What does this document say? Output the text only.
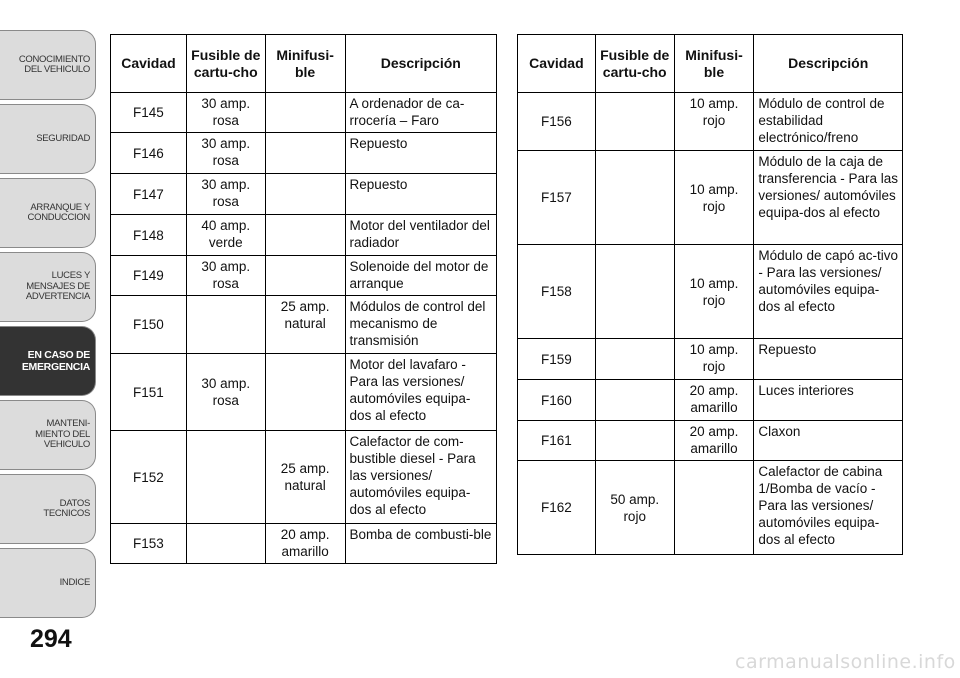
CONOCIMIENTO
DEL VEHICULO
SEGURIDAD
ARRANQUE Y
CONDUCCION
LUCES Y
MENSAJES DE
ADVERTENCIA
EN CASO DE
EMERGENCIA
MANTENI-
MIENTO DEL
VEHICULO
DATOS
TECNICOS
INDICE
294
Cavidad	Fusible de cartu-cho	Minifusi-ble	Descripción
F145	30 amp. rosa		A ordenador de ca-rrocería – Faro
F146	30 amp. rosa		Repuesto
F147	30 amp. rosa		Repuesto
F148	40 amp. verde		Motor del ventilador del radiador
F149	30 amp. rosa		Solenoide del motor de arranque
F150		25 amp. natural	Módulos de control del mecanismo de transmisión
F151	30 amp. rosa		Motor del lavafaro - Para las versiones/ automóviles equipa-dos al efecto
F152		25 amp. natural	Calefactor de com-bustible diesel - Para las versiones/ automóviles equipa-dos al efecto
F153		20 amp. amarillo	Bomba de combusti-ble
Cavidad	Fusible de cartu-cho	Minifusi-ble	Descripción
F156		10 amp. rojo	Módulo de control de estabilidad electrónico/freno
F157		10 amp. rojo	Módulo de la caja de transferencia - Para las versiones/ automóviles equipa-dos al efecto
F158		10 amp. rojo	Módulo de capó ac-tivo - Para las versiones/ automóviles equipa-dos al efecto
F159		10 amp. rojo	Repuesto
F160		20 amp. amarillo	Luces interiores
F161		20 amp. amarillo	Claxon
F162	50 amp. rojo		Calefactor de cabina 1/Bomba de vacío - Para las versiones/ automóviles equipa-dos al efecto
carmanualsonline.info
